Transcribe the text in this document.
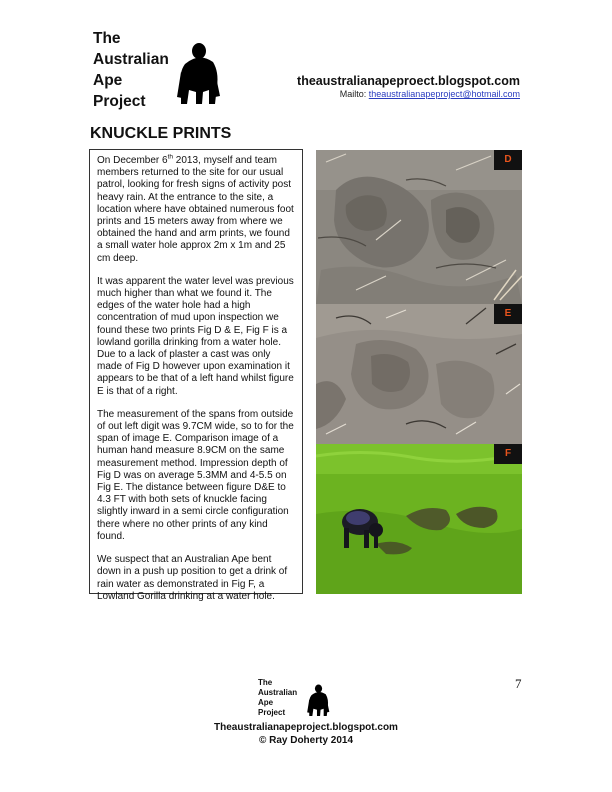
The
Australian
Ape
Project
theaustralianapeproect.blogspot.com
Mailto: theaustralianapeproject@hotmail.com
KNUCKLE PRINTS

On December 6th 2013, myself and team members returned to the site for our usual patrol, looking for fresh signs of activity post heavy rain. At the entrance to the site, a location where have obtained numerous foot prints and 15 meters away from where we obtained the hand and arm prints, we found a small water hole approx 2m x 1m and 25 cm deep.

It was apparent the water level was previous much higher than what we found it. The edges of the water hole had a high concentration of mud upon inspection we found these two prints Fig D & E, Fig F is a lowland gorilla drinking from a water hole. Due to a lack of plaster a cast was only made of Fig D however upon examination it appears to be that of a left hand whilst figure E is that of a right.

The measurement of the spans from outside of out left digit was 9.7CM wide, so to for the span of image E. Comparison image of a human hand measure 8.9CM on the same measurement method. Impression depth of Fig D was on average 5.3MM and 4-5.5 on Fig E. The distance between figure D&E to 4.3 FT with both sets of knuckle facing slightly inward in a semi circle configuration there where no other prints of any kind found.

We suspect that an Australian Ape bent down in a push up position to get a drink of rain water as demonstrated in Fig F, a Lowland Gorilla drinking at a water hole.

D
E
F
7
The
Australian
Ape
Project
Theaustralianapeproject.blogspot.com
© Ray Doherty 2014
